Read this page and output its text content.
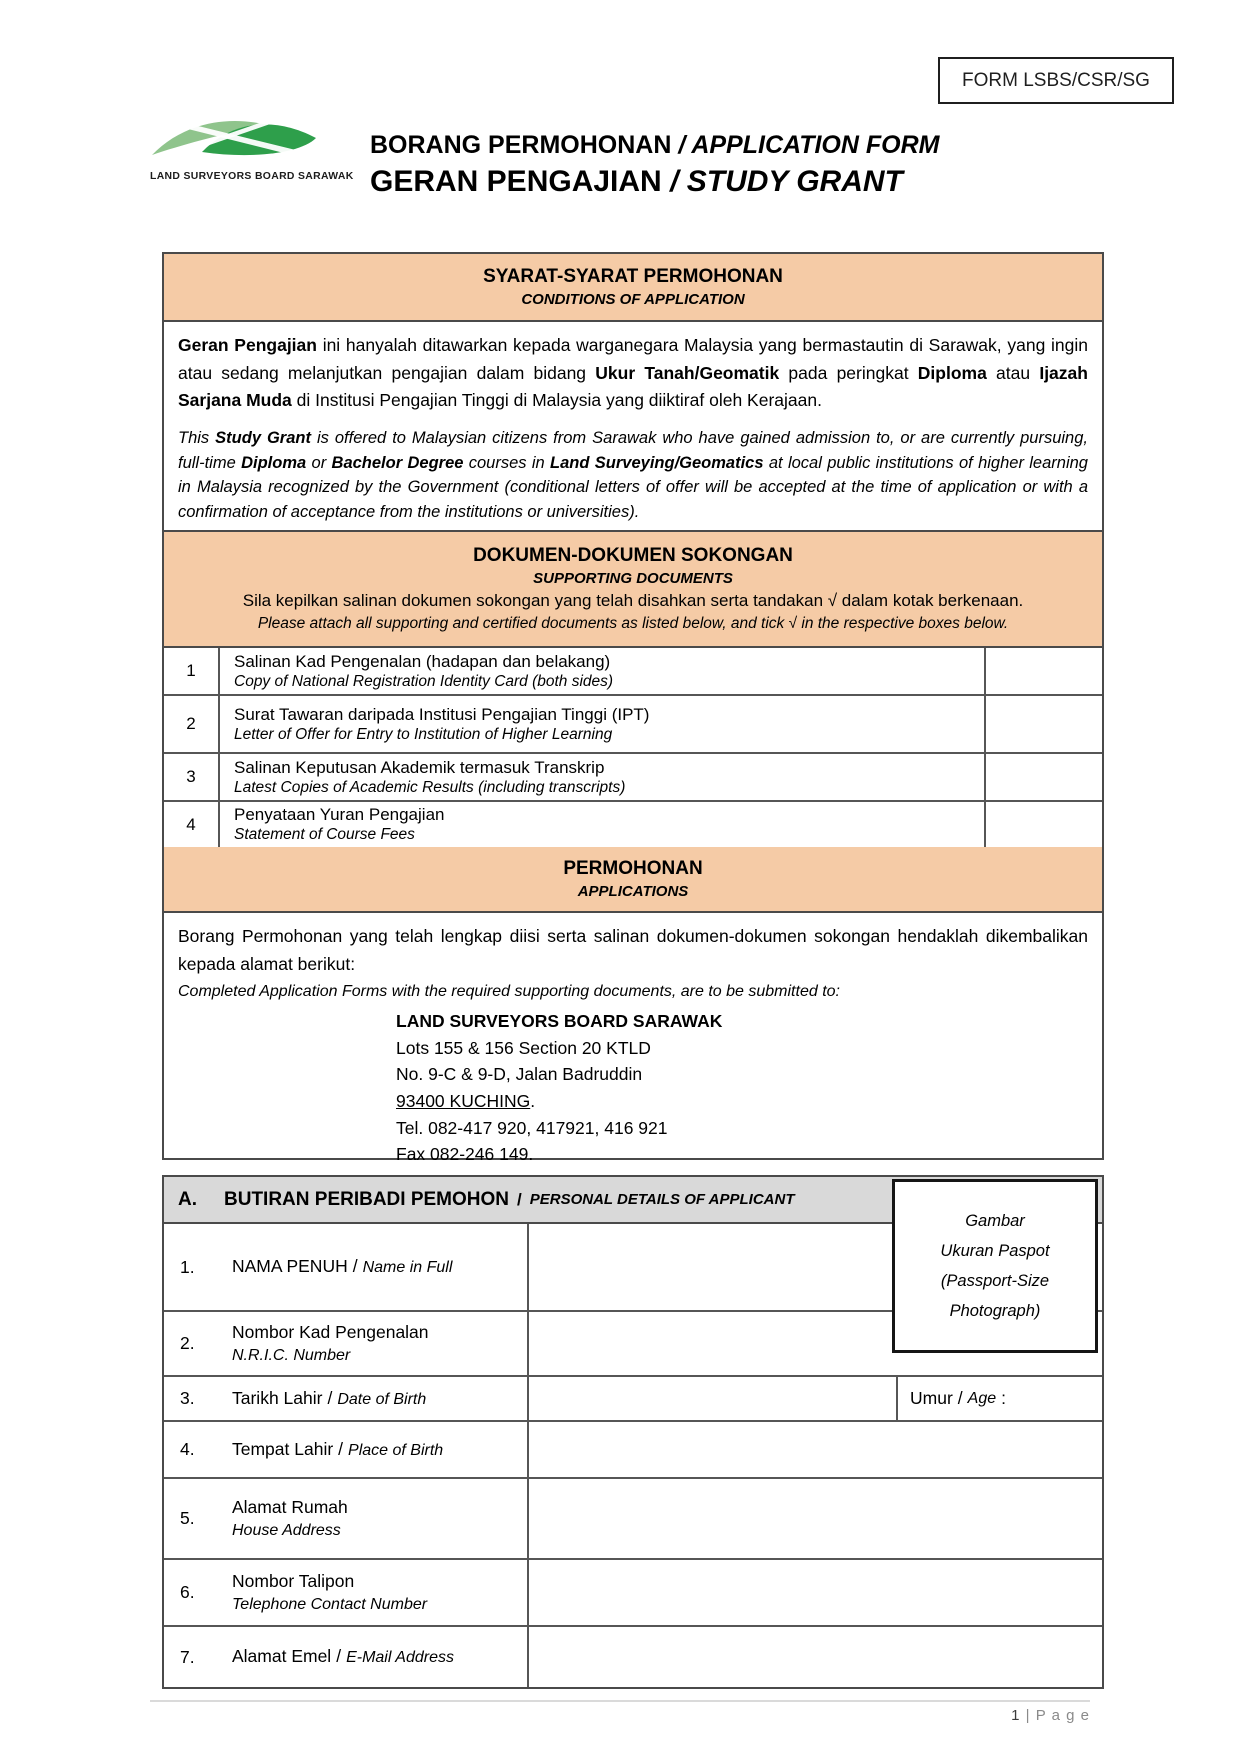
FORM LSBS/CSR/SG
LAND SURVEYORS BOARD SARAWAK
BORANG PERMOHONAN / APPLICATION FORM
GERAN PENGAJIAN / STUDY GRANT
SYARAT-SYARAT PERMOHONAN
CONDITIONS OF APPLICATION
Geran Pengajian ini hanyalah ditawarkan kepada warganegara Malaysia yang bermastautin di Sarawak, yang ingin atau sedang melanjutkan pengajian dalam bidang Ukur Tanah/Geomatik pada peringkat Diploma atau Ijazah Sarjana Muda di Institusi Pengajian Tinggi di Malaysia yang diiktiraf oleh Kerajaan.
This Study Grant is offered to Malaysian citizens from Sarawak who have gained admission to, or are currently pursuing, full-time Diploma or Bachelor Degree courses in Land Surveying/Geomatics at local public institutions of higher learning in Malaysia recognized by the Government (conditional letters of offer will be accepted at the time of application or with a confirmation of acceptance from the institutions or universities).
DOKUMEN-DOKUMEN SOKONGAN
SUPPORTING DOCUMENTS
Sila kepilkan salinan dokumen sokongan yang telah disahkan serta tandakan √ dalam kotak berkenaan.
Please attach all supporting and certified documents as listed below, and tick √ in the respective boxes below.
1	Salinan Kad Pengenalan (hadapan dan belakang)
Copy of National Registration Identity Card (both sides)
2	Surat Tawaran daripada Institusi Pengajian Tinggi (IPT)
Letter of Offer for Entry to Institution of Higher Learning
3	Salinan Keputusan Akademik termasuk Transkrip
Latest Copies of Academic Results (including transcripts)
4	Penyataan Yuran Pengajian
Statement of Course Fees
PERMOHONAN
APPLICATIONS
Borang Permohonan yang telah lengkap diisi serta salinan dokumen-dokumen sokongan hendaklah dikembalikan kepada alamat berikut:
Completed Application Forms with the required supporting documents, are to be submitted to:
LAND SURVEYORS BOARD SARAWAK
Lots 155 & 156 Section 20 KTLD
No. 9-C & 9-D, Jalan Badruddin
93400 KUCHING.
Tel. 082-417 920, 417921, 416 921
Fax 082-246 149.
A.	BUTIRAN PERIBADI PEMOHON / PERSONAL DETAILS OF APPLICANT
1.	NAMA PENUH / Name in Full
2.
Nombor Kad Pengenalan
N.R.I.C. Number
3.	Tarikh Lahir / Date of Birth	Umur / Age :
4.	Tempat Lahir / Place of Birth
5.
Alamat Rumah
House Address
6.
Nombor Talipon
Telephone Contact Number
7.	Alamat Emel / E-Mail Address
Gambar
Ukuran Paspot
(Passport-Size
Photograph)
1 | P a g e
